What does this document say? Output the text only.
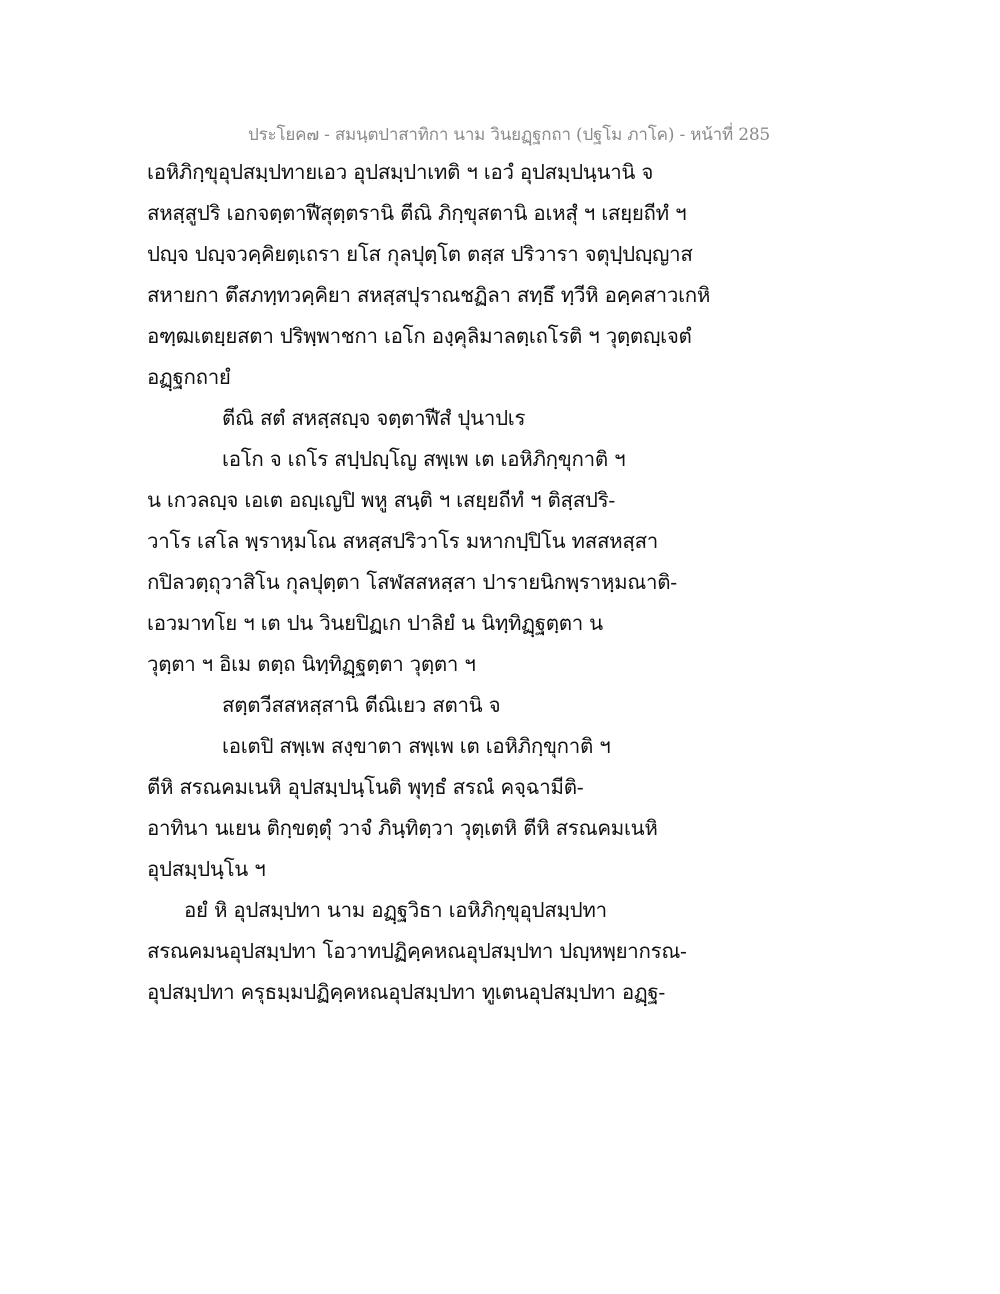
ประโยค๗ - สมนฺตปาสาทิกา นาม วินยฏฺฐกถา (ปฐโม ภาโค) - หน้าที่ 285
เอหิภิกฺขุอุปสมฺปทายเอว อุปสมฺปาเทติ ฯ เอวํ อุปสมฺปนฺนานิ จ
สหสฺสูปริ เอกจตฺตาฬีสุตฺตรานิ ตีณิ ภิกฺขุสตานิ อเหสุํ ฯ เสยฺยถีทํ ฯ
ปญฺจ ปญฺจวคฺคิยตฺเถรา ยโส กุลปุตฺโต ตสฺส ปริวารา จตุปฺปญฺญาส
สหายกา ตึสภทฺทวคฺคิยา สหสฺสปุราณชฏิลา สทฺธึ ทฺวีหิ อคฺคสาวเกหิ
อฑฺฒเตยฺยสตา ปริพฺพาชกา เอโก องฺคุลิมาลตฺเถโรติ ฯ วุตฺตญฺเจตํ
อฏฺฐกถายํ
ตีณิ สตํ สหสฺสญฺจ จตฺตาฬีสํ ปุนาปเร
เอโก จ เถโร สปฺปญฺโญ สพฺเพ เต เอหิภิกฺขุกาติ ฯ
น เกวลญฺจ เอเต อญฺเญปิ พหู สนฺติ ฯ เสยฺยถีทํ ฯ ติสฺสปริ-
วาโร เสโล พฺราหฺมโณ สหสฺสปริวาโร มหากปฺปิโน ทสสหสฺสา
กปิลวตฺถุวาสิโน กุลปุตฺตา โสฬสสหสฺสา ปารายนิกพฺราหฺมณาติ-
เอวมาทโย ฯ เต ปน วินยปิฏเก ปาลิยํ น นิทฺทิฏฺฐตฺตา น
วุตฺตา ฯ อิเม ตตฺถ นิทฺทิฏฺฐตฺตา วุตฺตา ฯ
สตฺตวีสสหสฺสานิ ตีณิเยว สตานิ จ
เอเตปิ สพฺเพ สงฺขาตา สพฺเพ เต เอหิภิกฺขุกาติ ฯ
ตีหิ สรณคมเนหิ อุปสมฺปนฺโนติ พุทฺธํ สรณํ คจฺฉามีติ-
อาทินา นเยน ติกฺขตฺตุํ วาจํ ภินฺทิตฺวา วุตฺเตหิ ตีหิ สรณคมเนหิ
อุปสมฺปนฺโน ฯ
อยํ หิ อุปสมฺปทา นาม อฏฺฐวิธา เอหิภิกฺขุอุปสมฺปทา
สรณคมนอุปสมฺปทา โอวาทปฏิคฺคหณอุปสมฺปทา ปญฺหพฺยากรณ-
อุปสมฺปทา ครุธมฺมปฏิคฺคหณอุปสมฺปทา ทูเตนอุปสมฺปทา อฏฺฐ-
